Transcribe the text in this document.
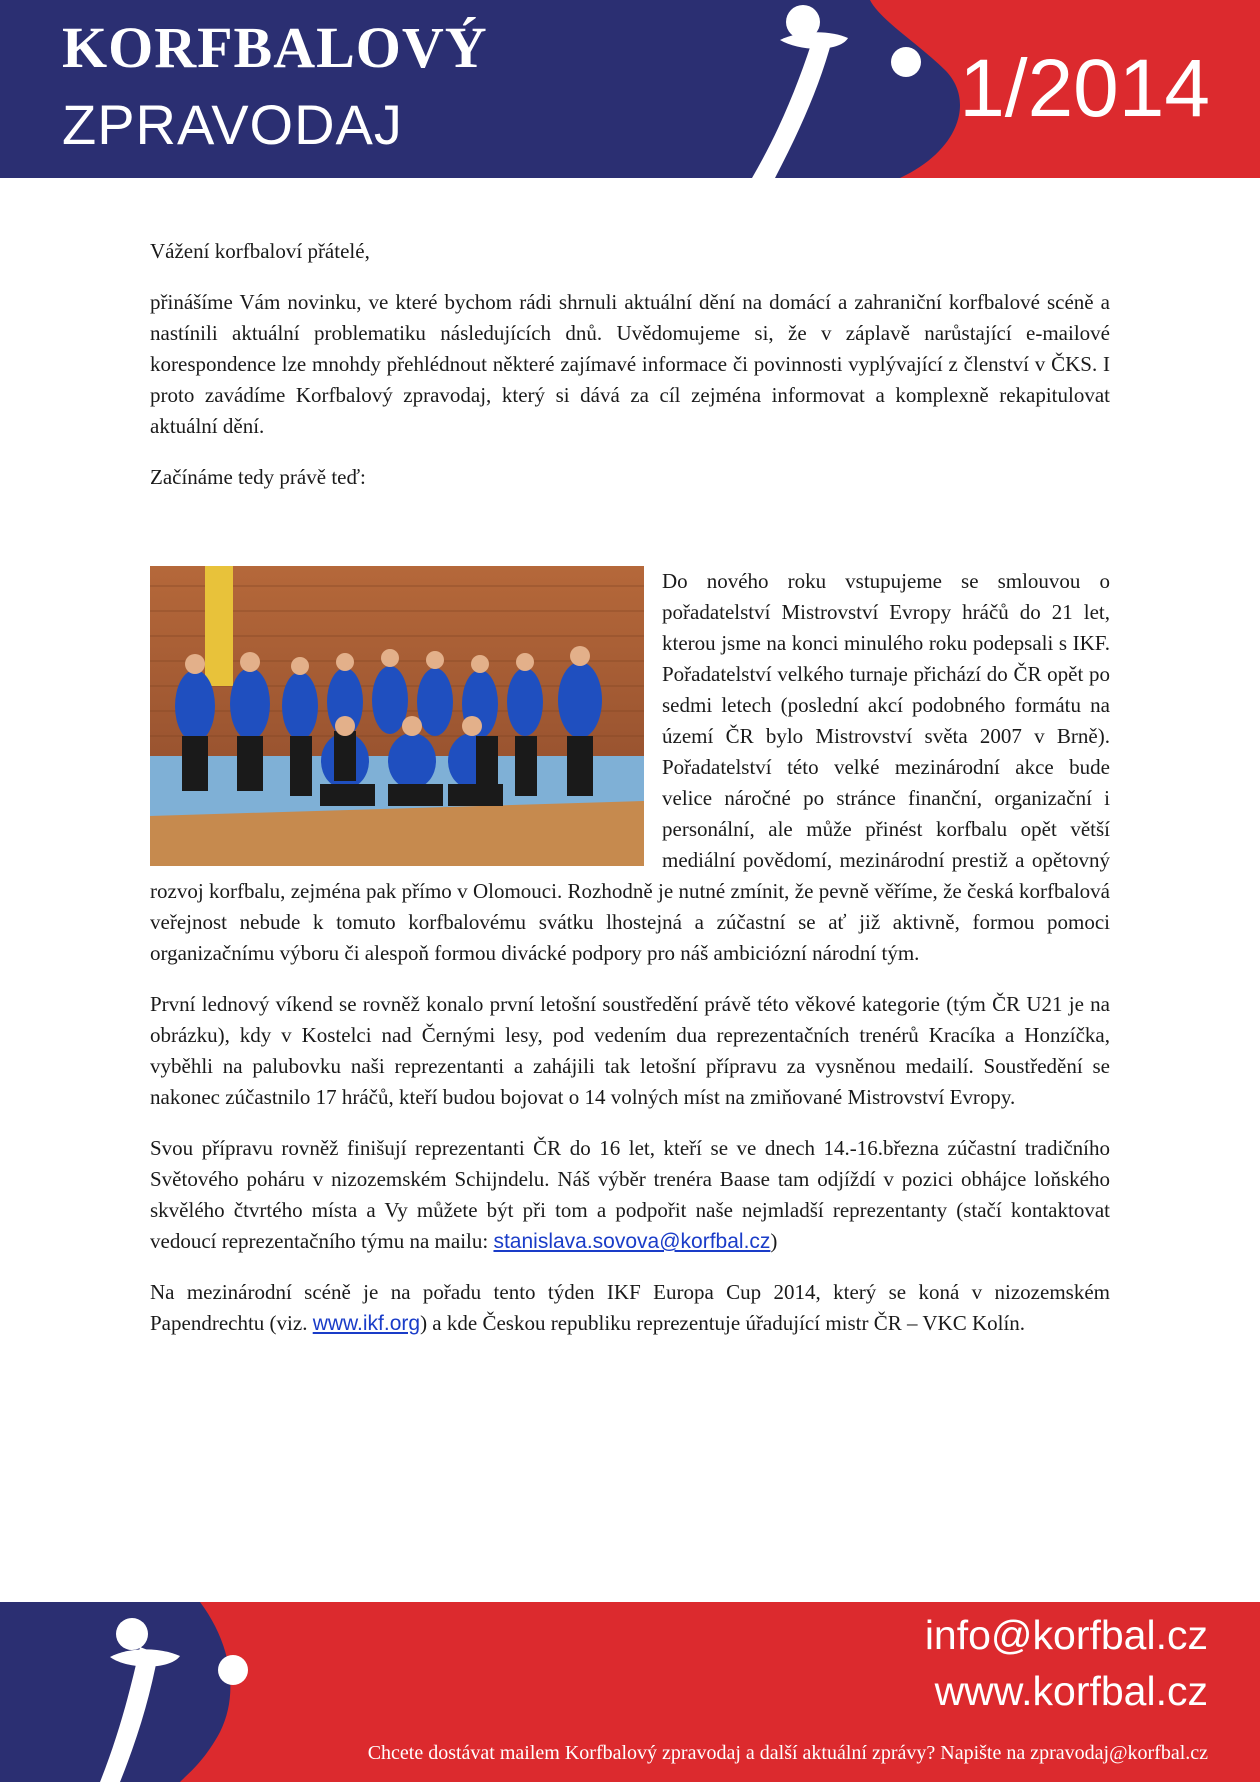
KORFBALOVÝ
ZPRAVODAJ	1/2014

Vážení korfbaloví přátelé,

přinášíme Vám novinku, ve které bychom rádi shrnuli aktuální dění na domácí a zahraniční korfbalové scéně a nastínili aktuální problematiku následujících dnů. Uvědomujeme si, že v záplavě narůstající e-mailové korespondence lze mnohdy přehlédnout některé zajímavé informace či povinnosti vyplývající z členství v ČKS. I proto zavádíme Korfbalový zpravodaj, který si dává za cíl zejména informovat a komplexně rekapitulovat aktuální dění.

Začínáme tedy právě teď:

Do nového roku vstupujeme se smlouvou o pořadatelství Mistrovství Evropy hráčů do 21 let, kterou jsme na konci minulého roku podepsali s IKF. Pořadatelství velkého turnaje přichází do ČR opět po sedmi letech (poslední akcí podobného formátu na území ČR bylo Mistrovství světa 2007 v Brně). Pořadatelství této velké mezinárodní akce bude velice náročné po stránce finanční, organizační i personální, ale může přinést korfbalu opět větší mediální povědomí, mezinárodní prestiž a opětovný rozvoj korfbalu, zejména pak přímo v Olomouci. Rozhodně je nutné zmínit, že pevně věříme, že česká korfbalová veřejnost nebude k tomuto korfbalovému svátku lhostejná a zúčastní se ať již aktivně, formou pomoci organizačnímu výboru či alespoň formou divácké podpory pro náš ambiciózní národní tým.

První lednový víkend se rovněž konalo první letošní soustředění právě této věkové kategorie (tým ČR U21 je na obrázku), kdy v Kostelci nad Černými lesy, pod vedením dua reprezentačních trenérů Kracíka a Honzíčka, vyběhli na palubovku naši reprezentanti a zahájili tak letošní přípravu za vysněnou medailí. Soustředění se nakonec zúčastnilo 17 hráčů, kteří budou bojovat o 14 volných míst na zmiňované Mistrovství Evropy.

Svou přípravu rovněž finišují reprezentanti ČR do 16 let, kteří se ve dnech 14.-16.března zúčastní tradičního Světového poháru v nizozemském Schijndelu. Náš výběr trenéra Baase tam odjíždí v pozici obhájce loňského skvělého čtvrtého místa a Vy můžete být při tom a podpořit naše nejmladší reprezentanty (stačí kontaktovat vedoucí reprezentačního týmu na mailu: stanislava.sovova@korfbal.cz)

Na mezinárodní scéně je na pořadu tento týden IKF Europa Cup 2014, který se koná v nizozemském Papendrechtu (viz. www.ikf.org) a kde Českou republiku reprezentuje úřadující mistr ČR – VKC Kolín.

info@korfbal.cz
www.korfbal.cz
Chcete dostávat mailem Korfbalový zpravodaj a další aktuální zprávy? Napište na zpravodaj@korfbal.cz
